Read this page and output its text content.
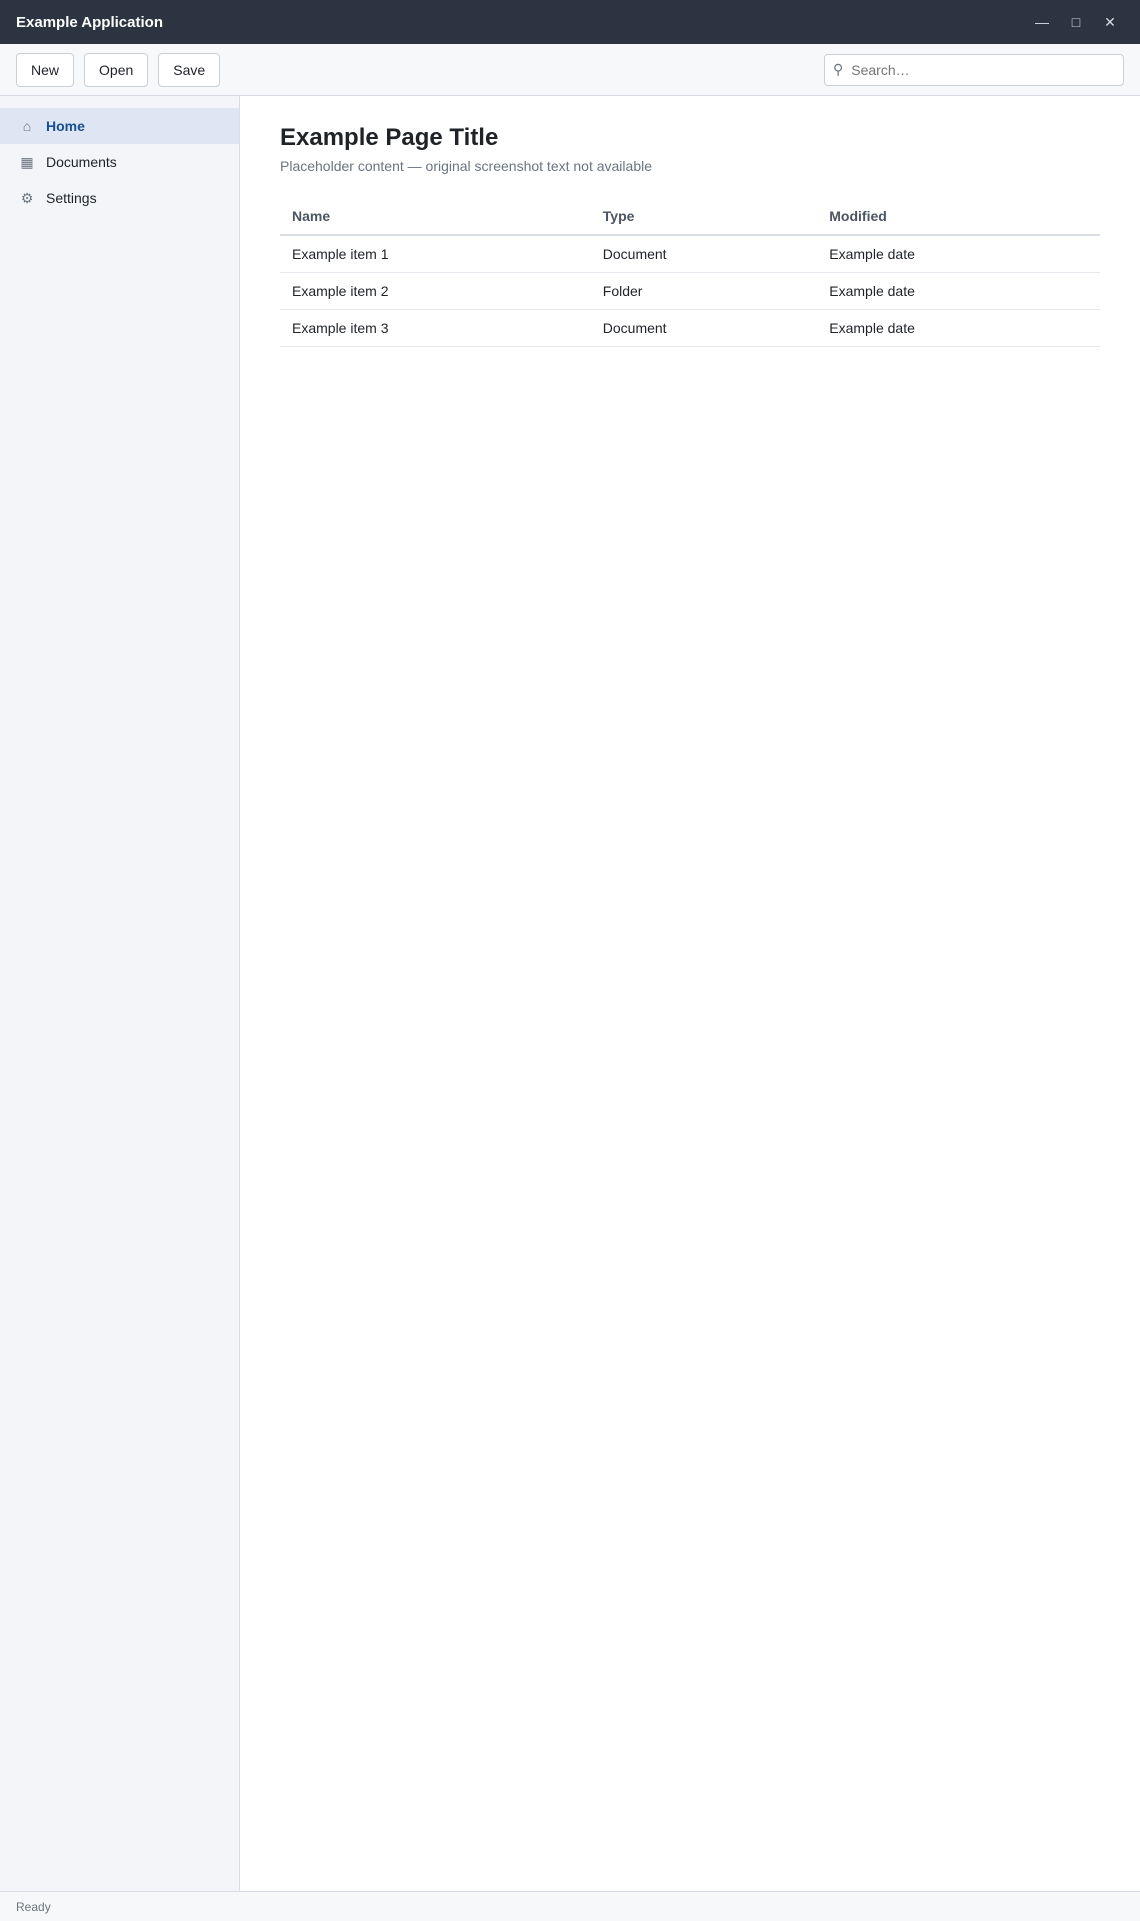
Example Application	—	□	✕
New	Open	Save	⚲
Search…
⌂	Home
▦ Documents
⚙ Settings
Example Page Title
Placeholder content — original screenshot text not available
Name	Type	Modified
Example item 1	Document	Example date
Example item 2	Folder	Example date
Example item 3	Document	Example date
Ready
